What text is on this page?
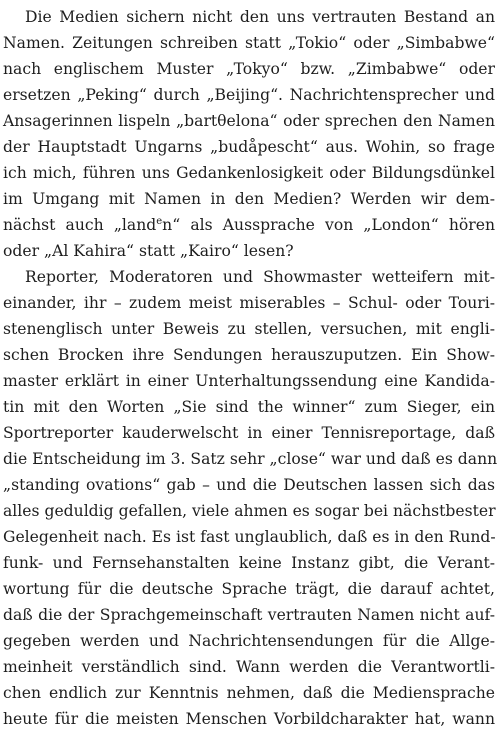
Die Medien sichern nicht den uns vertrauten Bestand an
Namen. Zeitungen schreiben statt „Tokio“ oder „Simbabwe“
nach englischem Muster „Tokyo“ bzw. „Zimbabwe“ oder
ersetzen „Peking“ durch „Beijing“. Nachrichtensprecher und
Ansagerinnen lispeln „bartθelona“ oder sprechen den Namen
der Hauptstadt Ungarns „budåpescht“ aus. Wohin, so frage
ich mich, führen uns Gedankenlosigkeit oder Bildungsdünkel
im Umgang mit Namen in den Medien? Werden wir dem-
nächst auch „landen“ als Aussprache von „London“ hören
oder „Al Kahira“ statt „Kairo“ lesen?
Reporter, Moderatoren und Showmaster wetteifern mit-
einander, ihr – zudem meist miserables – Schul- oder Touri-
stenenglisch unter Beweis zu stellen, versuchen, mit engli-
schen Brocken ihre Sendungen herauszuputzen. Ein Show-
master erklärt in einer Unterhaltungssendung eine Kandida-
tin mit den Worten „Sie sind the winner“ zum Sieger, ein
Sportreporter kauderwelscht in einer Tennisreportage, daß
die Entscheidung im 3. Satz sehr „close“ war und daß es dann
„standing ovations“ gab – und die Deutschen lassen sich das
alles geduldig gefallen, viele ahmen es sogar bei nächstbester
Gelegenheit nach. Es ist fast unglaublich, daß es in den Rund-
funk- und Fernsehanstalten keine Instanz gibt, die Verant-
wortung für die deutsche Sprache trägt, die darauf achtet,
daß die der Sprachgemeinschaft vertrauten Namen nicht auf-
gegeben werden und Nachrichtensendungen für die Allge-
meinheit verständlich sind. Wann werden die Verantwortli-
chen endlich zur Kenntnis nehmen, daß die Mediensprache
heute für die meisten Menschen Vorbildcharakter hat, wann
